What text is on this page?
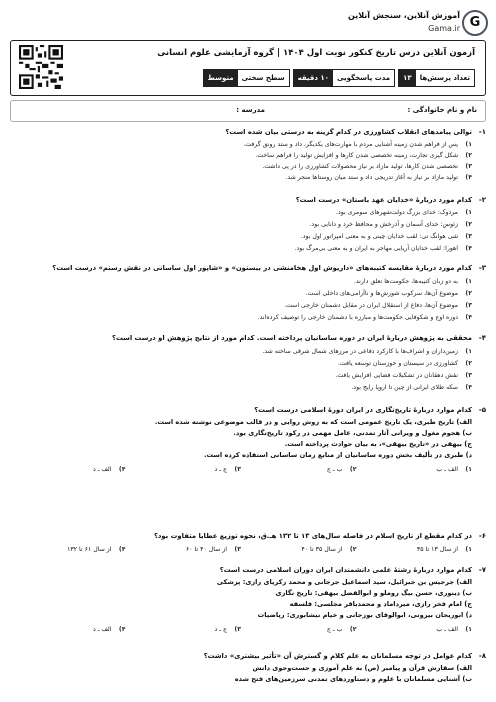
G
آموزش آنلاین، سنجش آنلاین
Gama.ir
آزمون آنلاین درس تاریخ کنکور نوبت اول ۱۴۰۴ | گروه آزمایشی علوم انسانی
تعداد پرسش‌ها
۱۳
مدت پاسخگویی
۱۰ دقیقه
سطح سختی
متوسط
نام و نام خانوادگی :
مدرسه :
۱-
توالی پیامدهای انقلاب کشاورزی در کدام گزینه به درستی بیان شده است؟
۱)پس از فراهم شدن زمینه آشنایی مردم با مهارت‌های یکدیگر، داد و ستد رونق گرفت.
۲)شکل گیری تجارت، زمینه تخصصی شدن کارها و افزایش تولید را فراهم ساخت.
۳)تخصصی شدن کارها، تولید مازاد بر نیاز محصولات کشاورزی را در پی داشت.
۴)تولید مازاد بر نیاز به آغاز تدریجی داد و ستد میان روستاها منجر شد.
۲-
کدام مورد دربارهٔ «خدایان عهد باستان» درست است؟
۱)مردوک: خدای بزرگ دولت‌شهرهای سومری بود.
۲)زئوس: خدای آسمان و آذرخش و محافظ خرد و دانایی بود.
۳)شی هوانگ تی: لقب خدایان چینی و به معنی امپراتور اول بود.
۴)اهورا: لقب خدایان آریایی مهاجر به ایران و به معنی بی‌مرگ بود.
۳-
کدام مورد دربارهٔ مقایسه کتیبه‌های «داریوش اول هخامنشی در بیستون» و «شاپور اول ساسانی در نقش رستم» درست است؟
۱)به دو زبان کتیبه‌ها، حکومت‌ها تعلق دارند.
۲)موضوع آن‌ها، سرکوب شورش‌ها و ناآرامی‌های داخلی است.
۳)موضوع آن‌ها، دفاع از استقلال ایران در مقابل دشمنان خارجی است.
۴)دوره اوج و شکوفایی حکومت‌ها و مبارزه با دشمنان خارجی را توصیف کرده‌اند.
۴-
محققی به پژوهش دربارهٔ ایران در دوره ساسانیان پرداخته است. کدام مورد از نتایج پژوهش او درست است؟
۱)زمین‌داران و اشراف‌ها با کارکرد دفاعی در مرزهای شمال شرقی ساخته شد.
۲)کشاورزی در سیستان و خوزستان توسعه یافت.
۳)نقش دهقانان در تشکیلات قضایی افزایش یافت.
۴)سکه طلای ایرانی از چین تا اروپا رایج بود.
۵-
کدام موارد دربارهٔ تاریخ‌نگاری در ایران دورهٔ اسلامی درست است؟
الف) تاریخ طبری، یک تاریخ عمومی است که به روش روایی و در قالب موضوعی نوشته شده است.
ب) هجوم مغول و ویرانی آثار تمدنی، عامل مهمی در رکود تاریخ‌نگاری بود.
ج) بیهقی در «تاریخ بیهقی»، به بیان حوادث پرداخته است.
د) طبری در تألیف بخش دوره ساسانیان از منابع زمان ساسانی استفاده کرده است.
۱)الف ـ ب
۲)ب ـ ج
۳)ج ـ د
۴)الف ـ د
۶-
در کدام مقطع از تاریخ اسلام در فاصله سال‌های ۱۳ تا ۱۳۲ هـ.ق، نحوه توزیع عطایا متفاوت بود؟
۱)از سال ۱۳ تا ۳۵
۲)از سال ۳۵ تا ۴۰
۳)از سال ۴۰ تا ۶۰
۴)از سال ۶۱ تا ۱۳۲
۷-
کدام موارد دربارهٔ رشتهٔ علمی دانشمندان ایران دوران اسلامی درست است؟
الف) جرجیس بن جبرائیل، سید اسماعیل جرجانی و محمد زکریای رازی: پزشکی
ب) دینوری، حسن بیگ روملو و ابوالفضل بیهقی: تاریخ نگاری
ج) امام فخر رازی، میرداماد و محمدباقر مجلسی: فلسفه
د) ابوریحان بیرونی، ابوالوفای بوزجانی و خیام نیشابوری: ریاضیات
۱)الف ـ ب
۲)ب ـ ج
۳)ج ـ د
۴)الف ـ د
۸-
کدام عوامل در توجه مسلمانان به علم کلام و گسترش آن «تأثیر بیشتری» داشت؟
الف) سفارش قرآن و پیامبر (ص) به علم آموزی و جست‌وجوی دانش
ب) آشنایی مسلمانان با علوم و دستاوردهای تمدنی سرزمین‌های فتح شده
